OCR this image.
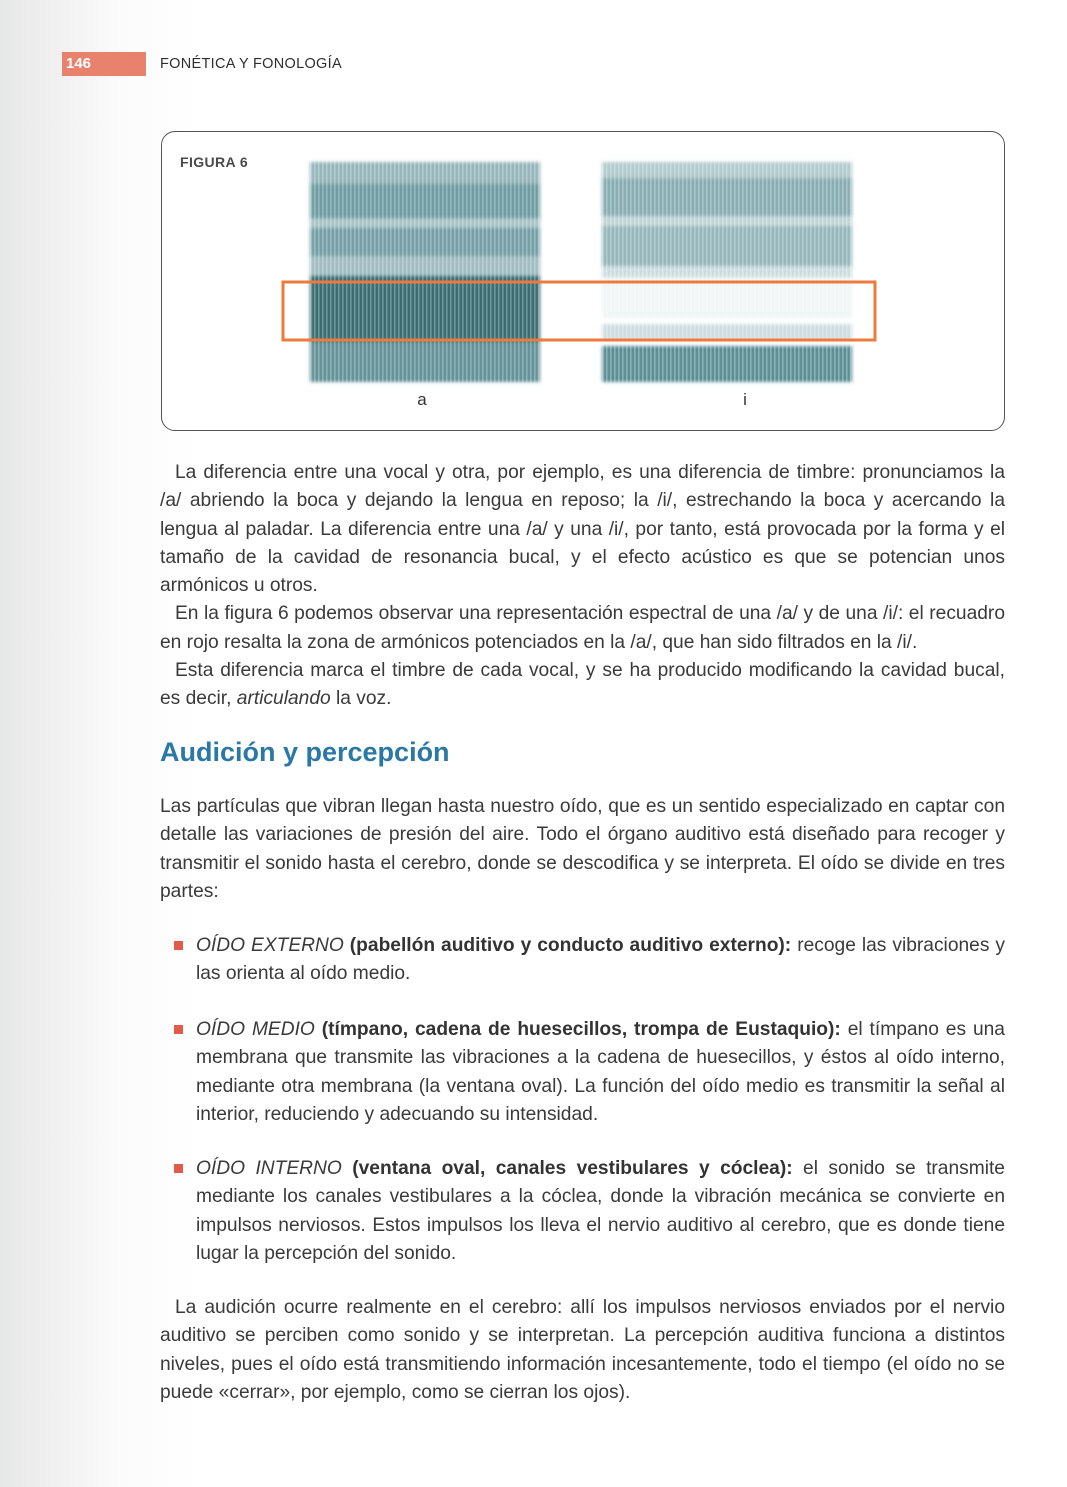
146	FONÉTICA Y FONOLOGÍA
FIGURA 6
a	i

La diferencia entre una vocal y otra, por ejemplo, es una diferencia de timbre: pronunciamos la /a/ abriendo la boca y dejando la lengua en reposo; la /i/, estrechando la boca y acercando la lengua al paladar. La diferencia entre una /a/ y una /i/, por tanto, está provocada por la forma y el tamaño de la cavidad de resonancia bucal, y el efecto acústico es que se potencian unos armónicos u otros.

En la figura 6 podemos observar una representación espectral de una /a/ y de una /i/: el recuadro en rojo resalta la zona de armónicos potenciados en la /a/, que han sido filtrados en la /i/.

Esta diferencia marca el timbre de cada vocal, y se ha producido modificando la cavidad bucal, es decir, articulando la voz.

Audición y percepción

Las partículas que vibran llegan hasta nuestro oído, que es un sentido especializado en captar con detalle las variaciones de presión del aire. Todo el órgano auditivo está diseñado para recoger y transmitir el sonido hasta el cerebro, donde se descodifica y se interpreta. El oído se divide en tres partes:

OÍDO EXTERNO (pabellón auditivo y conducto auditivo externo): recoge las vibraciones y las orienta al oído medio.
OÍDO MEDIO (tímpano, cadena de huesecillos, trompa de Eustaquio): el tímpano es una membrana que transmite las vibraciones a la cadena de huesecillos, y éstos al oído interno, mediante otra membrana (la ventana oval). La función del oído medio es transmitir la señal al interior, reduciendo y adecuando su intensidad.
OÍDO INTERNO (ventana oval, canales vestibulares y cóclea): el sonido se transmite mediante los canales vestibulares a la cóclea, donde la vibración mecánica se convierte en impulsos nerviosos. Estos impulsos los lleva el nervio auditivo al cerebro, que es donde tiene lugar la percepción del sonido.

La audición ocurre realmente en el cerebro: allí los impulsos nerviosos enviados por el nervio auditivo se perciben como sonido y se interpretan. La percepción auditiva funciona a distintos niveles, pues el oído está transmitiendo información incesantemente, todo el tiempo (el oído no se puede «cerrar», por ejemplo, como se cierran los ojos).
